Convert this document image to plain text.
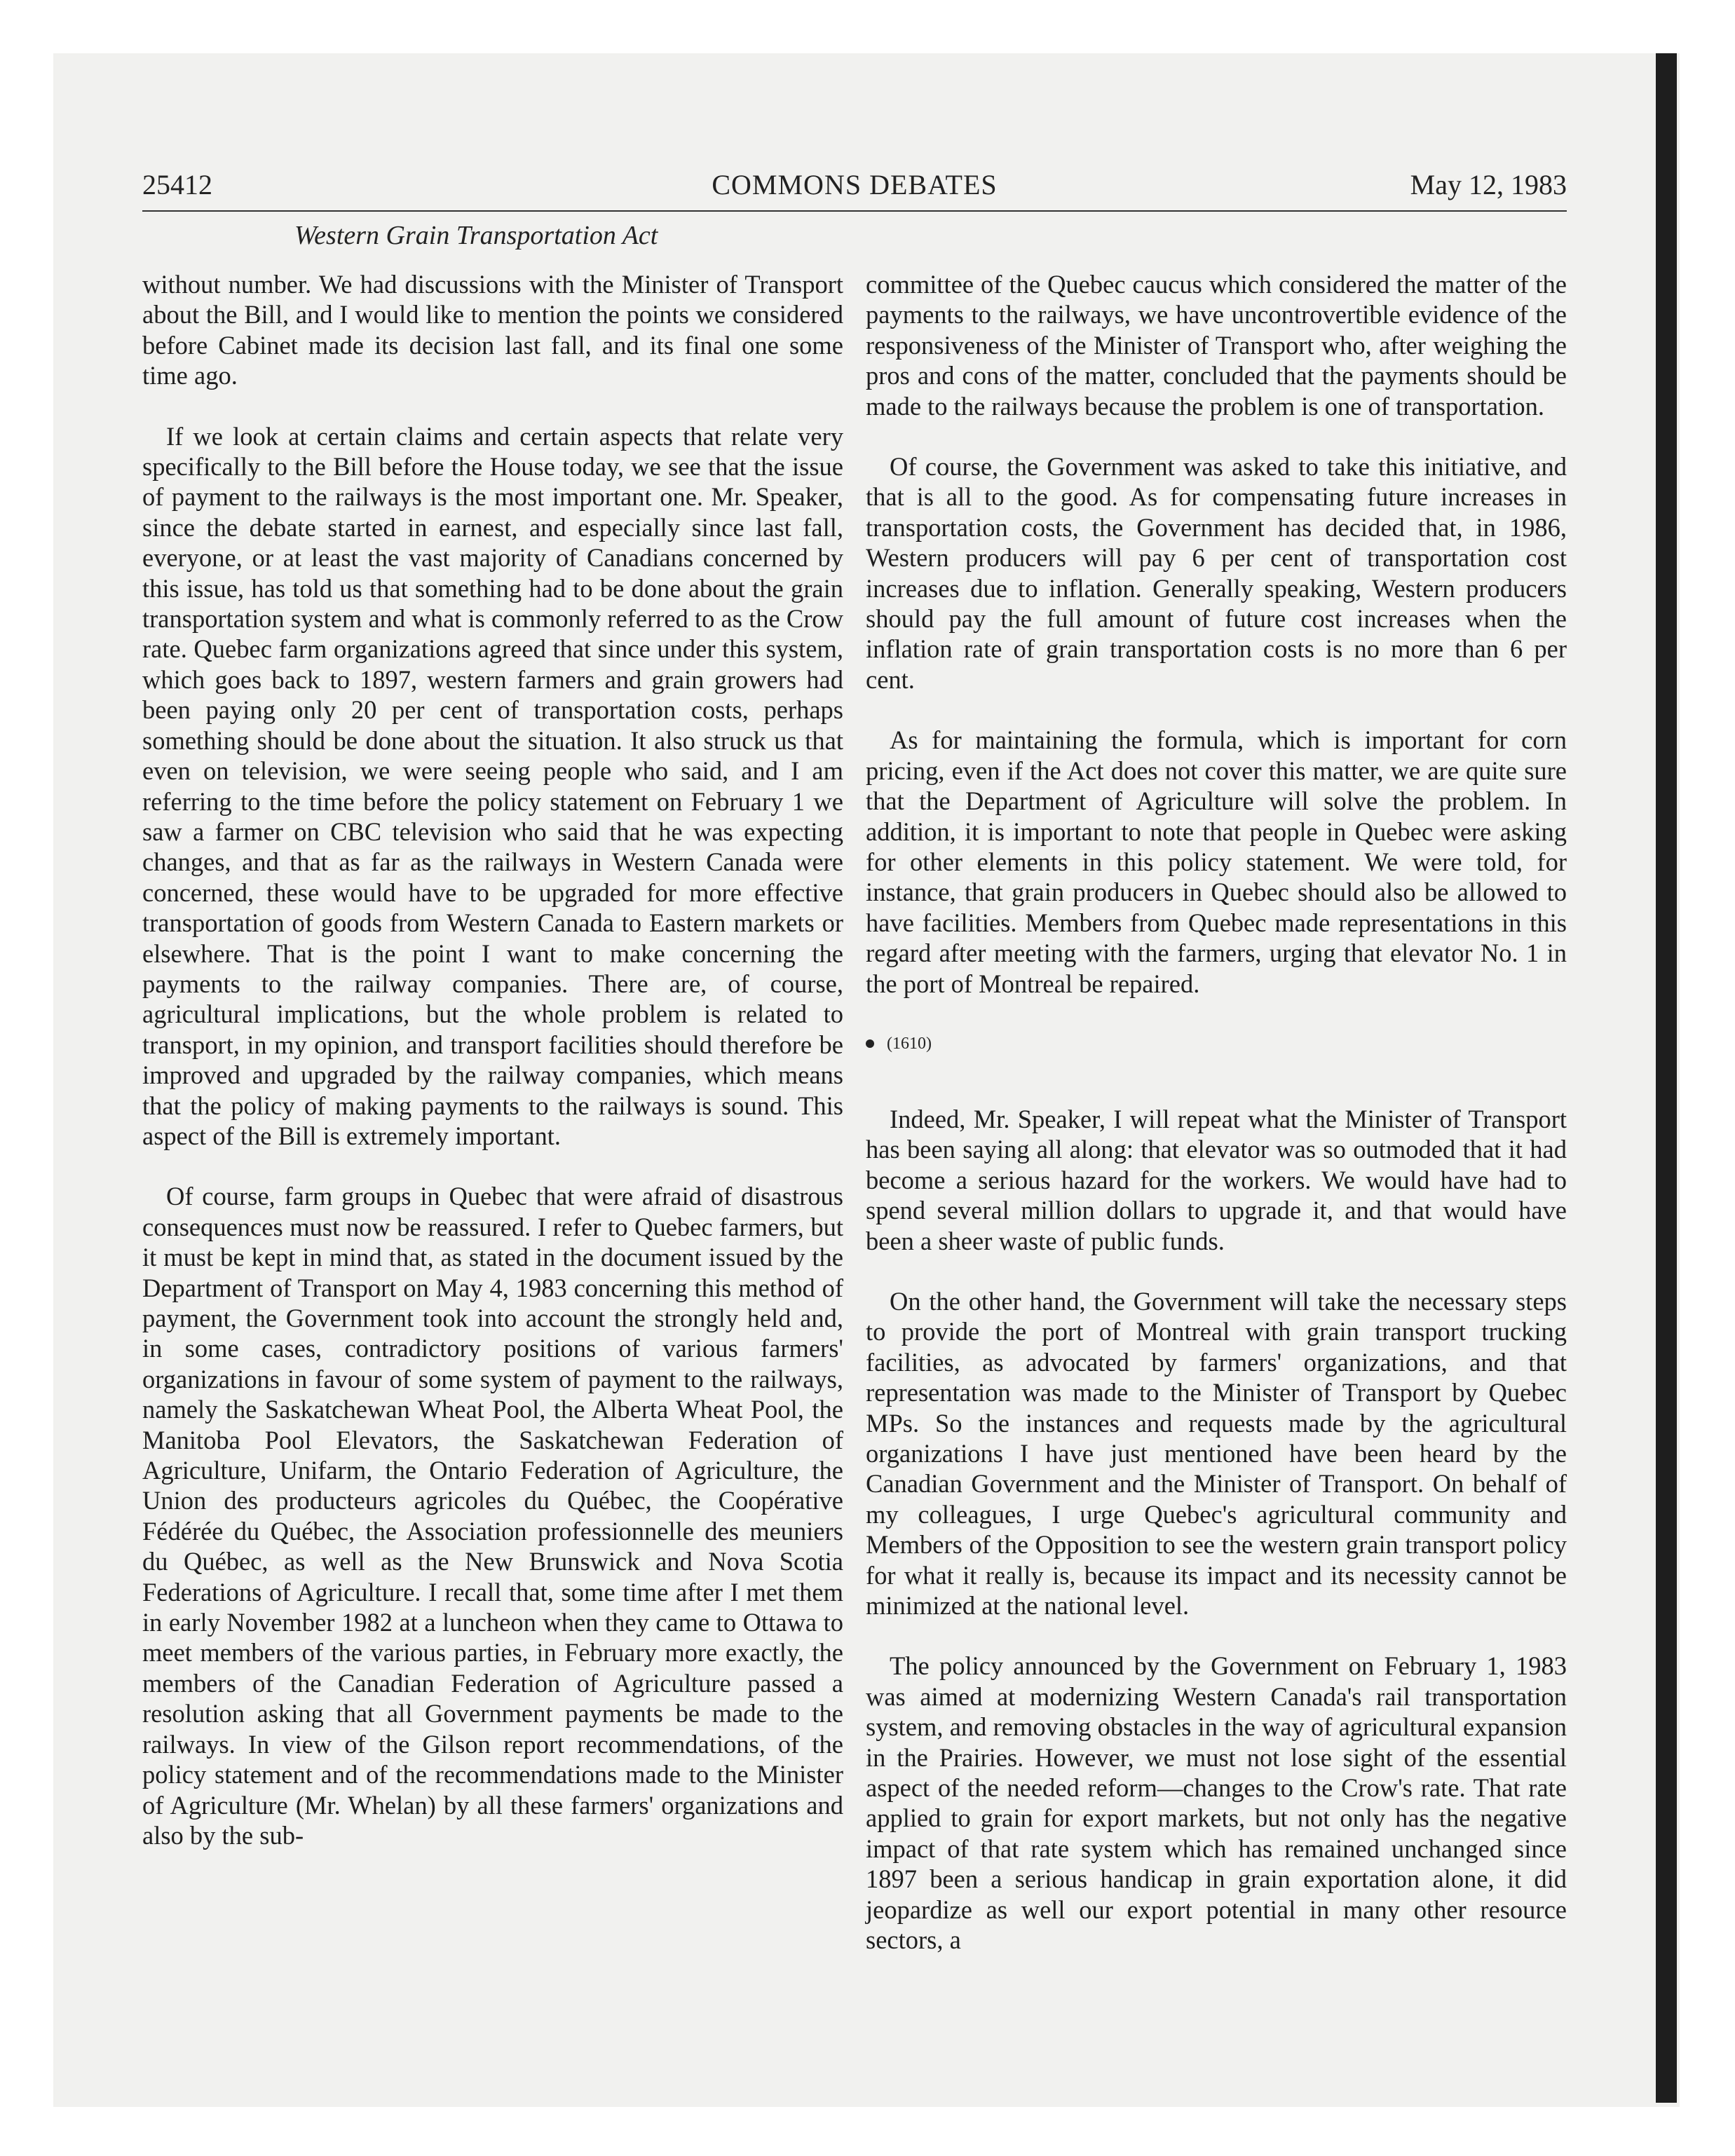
25412	COMMONS DEBATES	May 12, 1983
Western Grain Transportation Act

without number. We had discussions with the Minister of Transport about the Bill, and I would like to mention the points we considered before Cabinet made its decision last fall, and its final one some time ago.

If we look at certain claims and certain aspects that relate very specifically to the Bill before the House today, we see that the issue of payment to the railways is the most important one. Mr. Speaker, since the debate started in earnest, and especially since last fall, everyone, or at least the vast majority of Canadians concerned by this issue, has told us that something had to be done about the grain transportation system and what is commonly referred to as the Crow rate. Quebec farm organizations agreed that since under this system, which goes back to 1897, western farmers and grain growers had been paying only 20 per cent of transportation costs, perhaps something should be done about the situation. It also struck us that even on television, we were seeing people who said, and I am referring to the time before the policy statement on February 1 we saw a farmer on CBC television who said that he was expecting changes, and that as far as the railways in Western Canada were concerned, these would have to be upgraded for more effective transportation of goods from Western Canada to Eastern markets or elsewhere. That is the point I want to make concerning the payments to the railway companies. There are, of course, agricultural implications, but the whole problem is related to transport, in my opinion, and transport facilities should therefore be improved and upgraded by the railway companies, which means that the policy of making payments to the railways is sound. This aspect of the Bill is extremely important.

Of course, farm groups in Quebec that were afraid of disastrous consequences must now be reassured. I refer to Quebec farmers, but it must be kept in mind that, as stated in the document issued by the Department of Transport on May 4, 1983 concerning this method of payment, the Government took into account the strongly held and, in some cases, contradictory positions of various farmers' organizations in favour of some system of payment to the railways, namely the Saskatchewan Wheat Pool, the Alberta Wheat Pool, the Manitoba Pool Elevators, the Saskatchewan Federation of Agriculture, Unifarm, the Ontario Federation of Agriculture, the Union des producteurs agricoles du Québec, the Coopérative Fédérée du Québec, the Association professionnelle des meuniers du Québec, as well as the New Brunswick and Nova Scotia Federations of Agriculture. I recall that, some time after I met them in early November 1982 at a luncheon when they came to Ottawa to meet members of the various parties, in February more exactly, the members of the Canadian Federation of Agriculture passed a resolution asking that all Government payments be made to the railways. In view of the Gilson report recommendations, of the policy statement and of the recommendations made to the Minister of Agriculture (Mr. Whelan) by all these farmers' organizations and also by the sub-

committee of the Quebec caucus which considered the matter of the payments to the railways, we have uncontrovertible evidence of the responsiveness of the Minister of Transport who, after weighing the pros and cons of the matter, concluded that the payments should be made to the railways because the problem is one of transportation.

Of course, the Government was asked to take this initiative, and that is all to the good. As for compensating future increases in transportation costs, the Government has decided that, in 1986, Western producers will pay 6 per cent of transportation cost increases due to inflation. Generally speaking, Western producers should pay the full amount of future cost increases when the inflation rate of grain transportation costs is no more than 6 per cent.

As for maintaining the formula, which is important for corn pricing, even if the Act does not cover this matter, we are quite sure that the Department of Agriculture will solve the problem. In addition, it is important to note that people in Quebec were asking for other elements in this policy statement. We were told, for instance, that grain producers in Quebec should also be allowed to have facilities. Members from Quebec made representations in this regard after meeting with the farmers, urging that elevator No. 1 in the port of Montreal be repaired.

(1610)

Indeed, Mr. Speaker, I will repeat what the Minister of Transport has been saying all along: that elevator was so outmoded that it had become a serious hazard for the workers. We would have had to spend several million dollars to upgrade it, and that would have been a sheer waste of public funds.

On the other hand, the Government will take the necessary steps to provide the port of Montreal with grain transport trucking facilities, as advocated by farmers' organizations, and that representation was made to the Minister of Transport by Quebec MPs. So the instances and requests made by the agricultural organizations I have just mentioned have been heard by the Canadian Government and the Minister of Transport. On behalf of my colleagues, I urge Quebec's agricultural community and Members of the Opposition to see the western grain transport policy for what it really is, because its impact and its necessity cannot be minimized at the national level.

The policy announced by the Government on February 1, 1983 was aimed at modernizing Western Canada's rail transportation system, and removing obstacles in the way of agricultural expansion in the Prairies. However, we must not lose sight of the essential aspect of the needed reform—changes to the Crow's rate. That rate applied to grain for export markets, but not only has the negative impact of that rate system which has remained unchanged since 1897 been a serious handicap in grain exportation alone, it did jeopardize as well our export potential in many other resource sectors, a
